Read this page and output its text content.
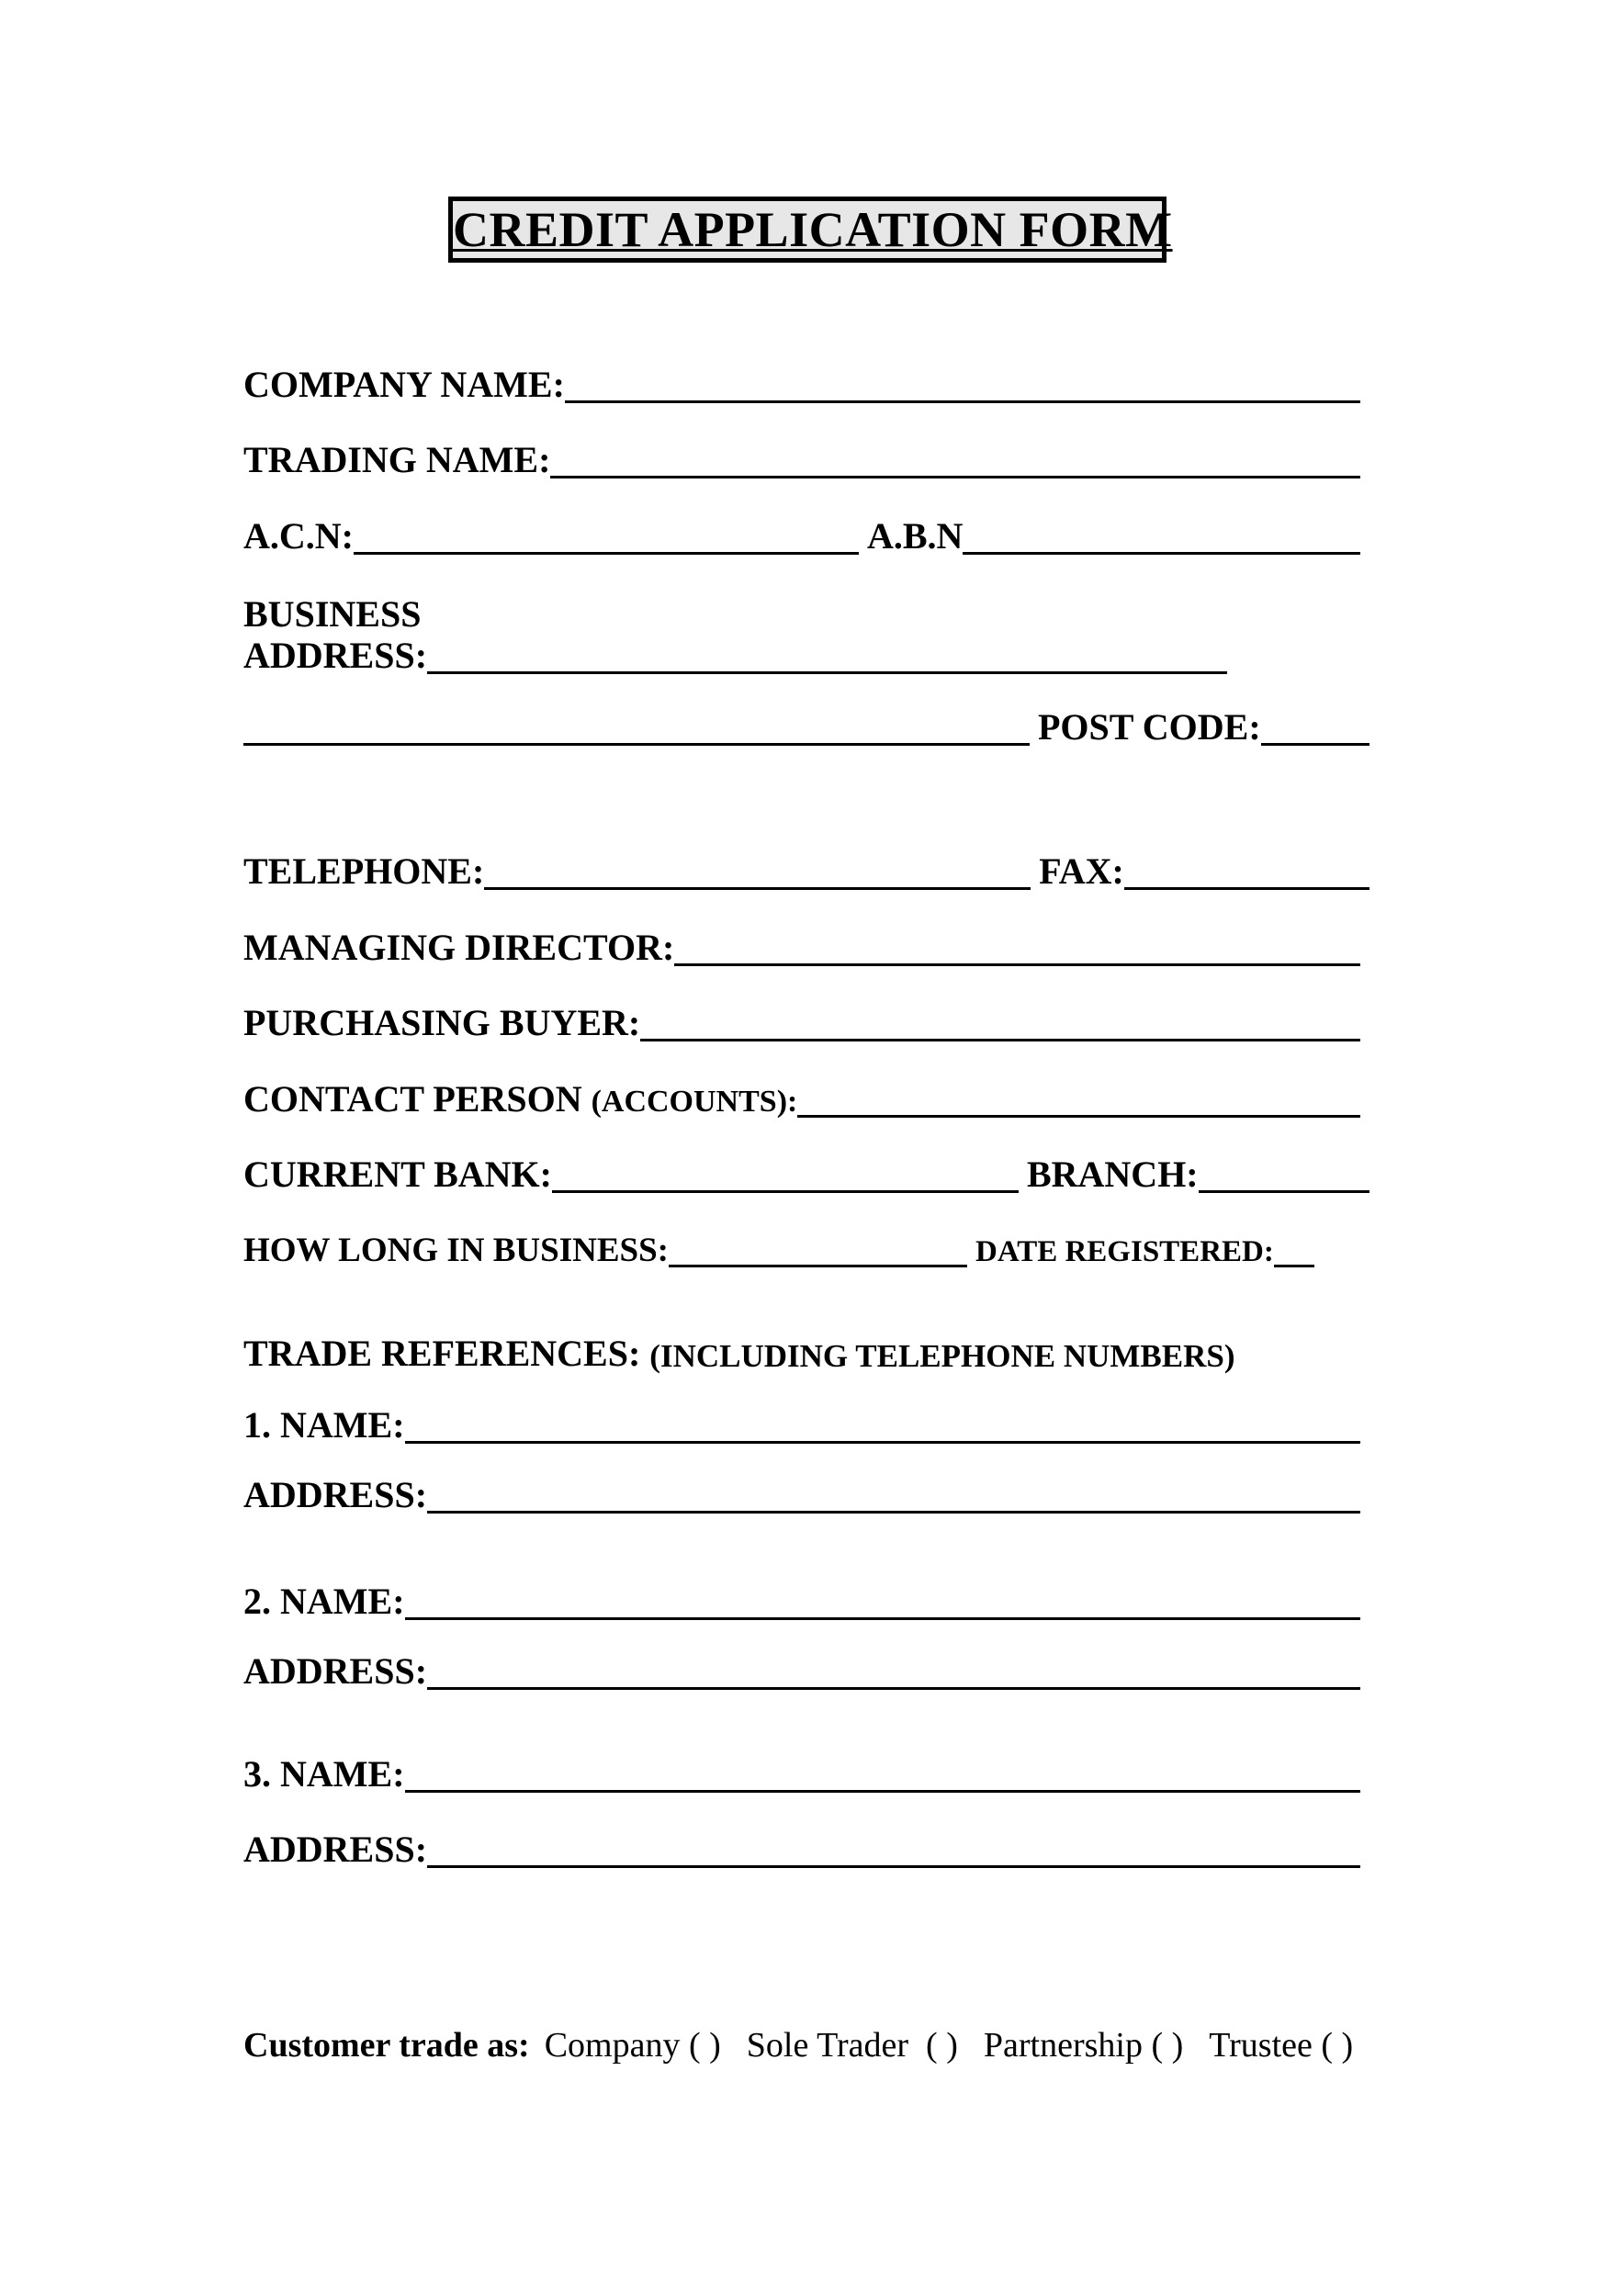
CREDIT APPLICATION FORM
COMPANY NAME:
TRADING NAME:
A.C.N:	A.B.N
BUSINESS
ADDRESS:
POST CODE:
TELEPHONE:	FAX:
MANAGING DIRECTOR:
PURCHASING BUYER:
CONTACT PERSON (ACCOUNTS):
CURRENT BANK:	BRANCH:
HOW LONG IN BUSINESS:	DATE REGISTERED:
TRADE REFERENCES: (INCLUDING TELEPHONE NUMBERS)
1. NAME:
ADDRESS:
2. NAME:
ADDRESS:
3. NAME:
ADDRESS:
Customer trade as: Company ( ) Sole Trader  ( ) Partnership ( ) Trustee ( )
